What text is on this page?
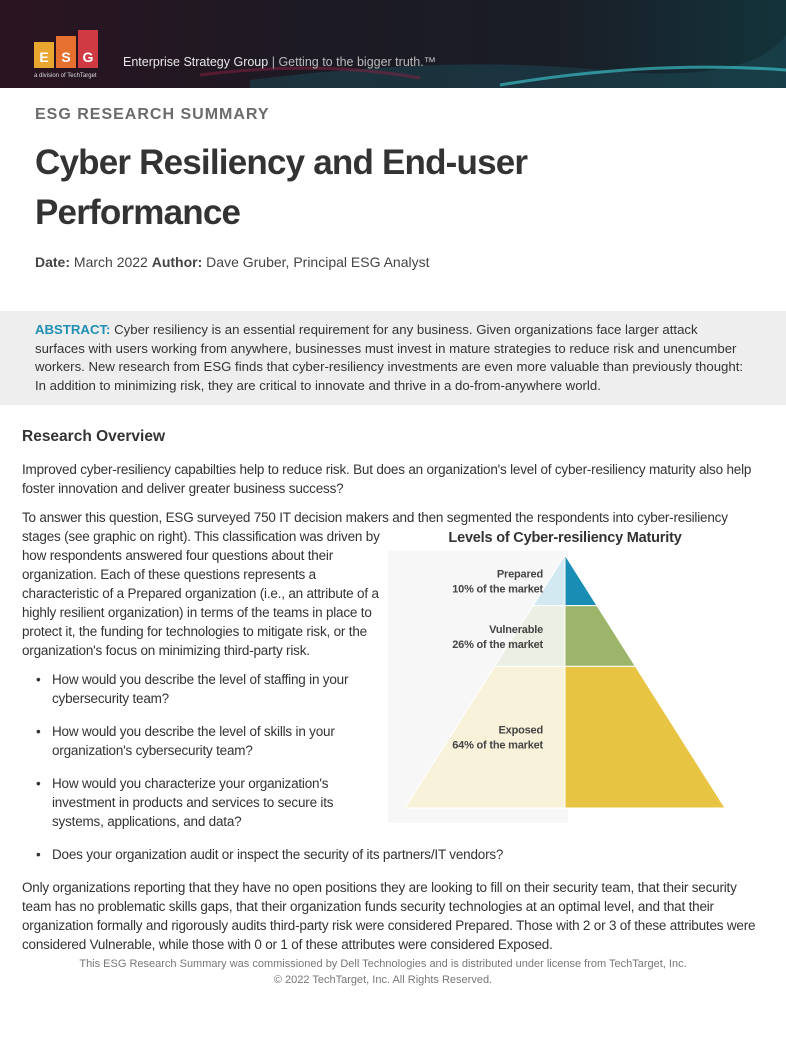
E S G
a division of TechTarget
Enterprise Strategy Group | Getting to the bigger truth.™
ESG RESEARCH SUMMARY
Cyber Resiliency and End-user Performance
Date: March 2022 Author: Dave Gruber, Principal ESG Analyst
ABSTRACT: Cyber resiliency is an essential requirement for any business. Given organizations face larger attack surfaces with users working from anywhere, businesses must invest in mature strategies to reduce risk and unencumber workers. New research from ESG finds that cyber-resiliency investments are even more valuable than previously thought: In addition to minimizing risk, they are critical to innovate and thrive in a do-from-anywhere world.
Research Overview
Improved cyber-resiliency capabilties help to reduce risk. But does an organization's level of cyber-resiliency maturity also help foster innovation and deliver greater business success?
Levels of Cyber-resiliency Maturity
Prepared
10% of the market
Vulnerable
26% of the market
Exposed
64% of the market
To answer this question, ESG surveyed 750 IT decision makers and then segmented the respondents into cyber-resiliency stages (see graphic on right). This classification was driven by how respondents answered four questions about their organization. Each of these questions represents a characteristic of a Prepared organization (i.e., an attribute of a highly resilient organization) in terms of the teams in place to protect it, the funding for technologies to mitigate risk, or the organization's focus on minimizing third-party risk.
• How would you describe the level of staffing in your cybersecurity team?
• How would you describe the level of skills in your organization's cybersecurity team?
• How would you characterize your organization's investment in products and services to secure its systems, applications, and data?
• Does your organization audit or inspect the security of its partners/IT vendors?
Only organizations reporting that they have no open positions they are looking to fill on their security team, that their security team has no problematic skills gaps, that their organization funds security technologies at an optimal level, and that their organization formally and rigorously audits third-party risk were considered Prepared. Those with 2 or 3 of these attributes were considered Vulnerable, while those with 0 or 1 of these attributes were considered Exposed.
This ESG Research Summary was commissioned by Dell Technologies and is distributed under license from TechTarget, Inc.
© 2022 TechTarget, Inc. All Rights Reserved.
